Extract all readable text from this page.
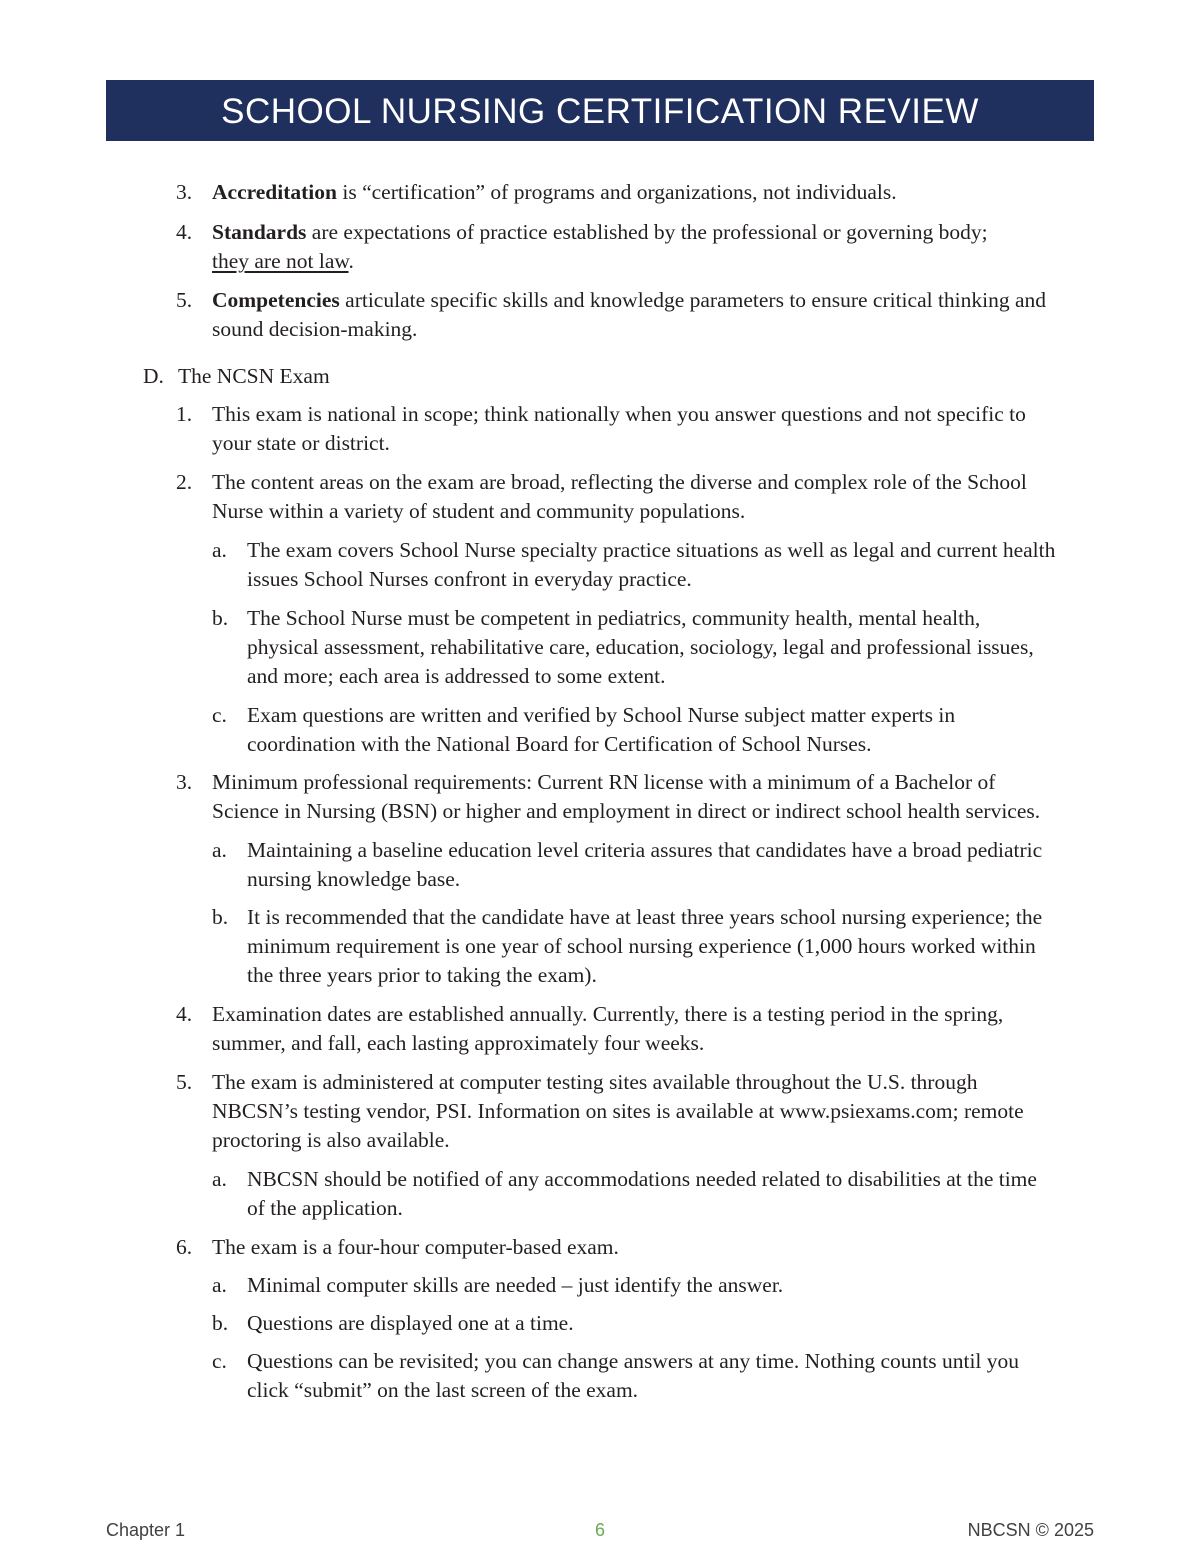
SCHOOL NURSING CERTIFICATION REVIEW
3. Accreditation is “certification” of programs and organizations, not individuals.
4. Standards are expectations of practice established by the professional or governing body;
they are not law.
5. Competencies articulate specific skills and knowledge parameters to ensure critical thinking and
sound decision-making.
D. The NCSN Exam
1. This exam is national in scope; think nationally when you answer questions and not specific to
your state or district.
2. The content areas on the exam are broad, reflecting the diverse and complex role of the School
Nurse within a variety of student and community populations.
a. The exam covers School Nurse specialty practice situations as well as legal and current health
issues School Nurses confront in everyday practice.
b. The School Nurse must be competent in pediatrics, community health, mental health,
physical assessment, rehabilitative care, education, sociology, legal and professional issues,
and more; each area is addressed to some extent.
c. Exam questions are written and verified by School Nurse subject matter experts in
coordination with the National Board for Certification of School Nurses.
3. Minimum professional requirements: Current RN license with a minimum of a Bachelor of
Science in Nursing (BSN) or higher and employment in direct or indirect school health services.
a. Maintaining a baseline education level criteria assures that candidates have a broad pediatric
nursing knowledge base.
b. It is recommended that the candidate have at least three years school nursing experience; the
minimum requirement is one year of school nursing experience (1,000 hours worked within
the three years prior to taking the exam).
4. Examination dates are established annually. Currently, there is a testing period in the spring,
summer, and fall, each lasting approximately four weeks.
5. The exam is administered at computer testing sites available throughout the U.S. through
NBCSN’s testing vendor, PSI. Information on sites is available at www.psiexams.com; remote
proctoring is also available.
a. NBCSN should be notified of any accommodations needed related to disabilities at the time
of the application.
6. The exam is a four-hour computer-based exam.
a. Minimal computer skills are needed – just identify the answer.
b. Questions are displayed one at a time.
c. Questions can be revisited; you can change answers at any time. Nothing counts until you
click “submit” on the last screen of the exam.
Chapter 1	6	NBCSN © 2025
